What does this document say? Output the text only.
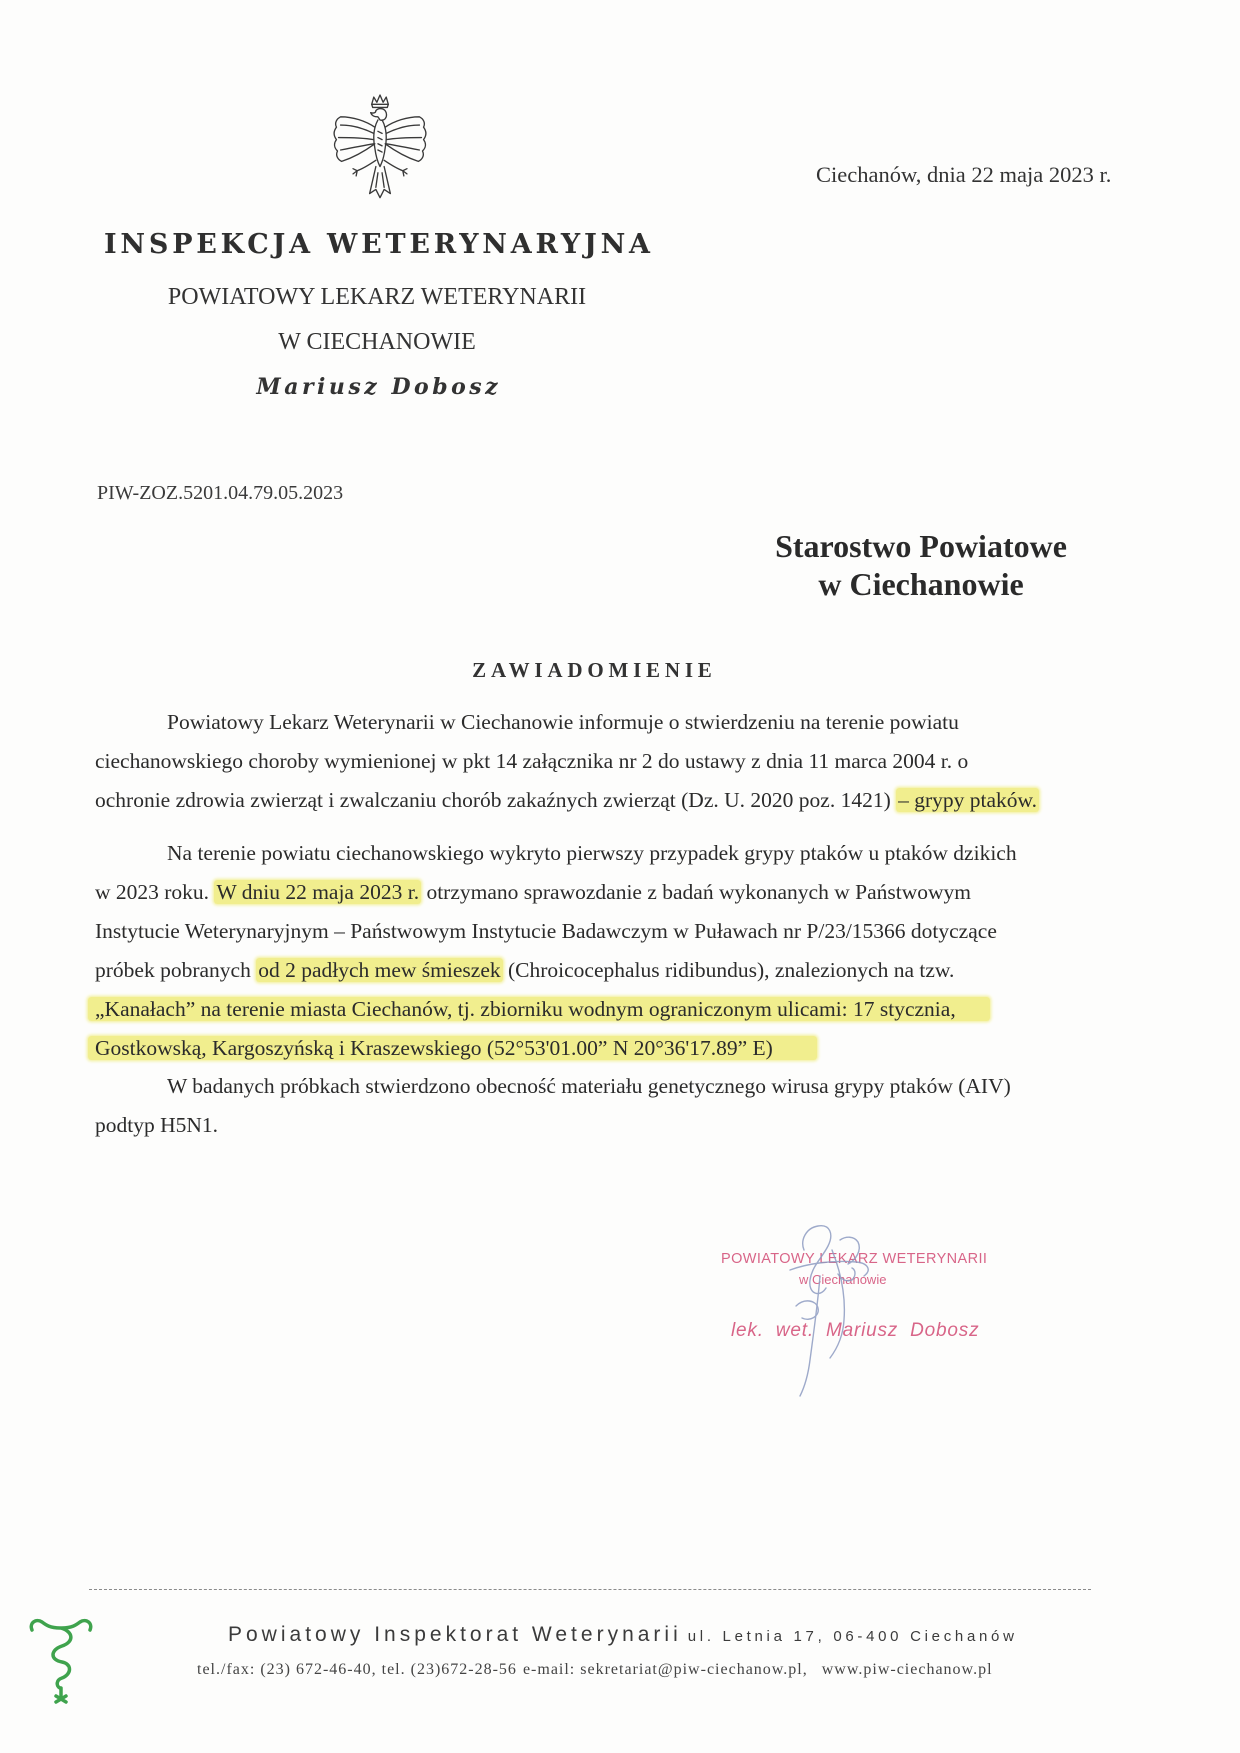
INSPEKCJA WETERYNARYJNA
POWIATOWY LEKARZ WETERYNARII
W CIECHANOWIE
Mariusz Dobosz
Ciechanów, dnia 22 maja 2023 r.
PIW-ZOZ.5201.04.79.05.2023
Starostwo Powiatowe
w Ciechanowie
ZAWIADOMIENIE
Powiatowy Lekarz Weterynarii w Ciechanowie informuje o stwierdzeniu na terenie powiatu
ciechanowskiego choroby wymienionej w pkt 14 załącznika nr 2 do ustawy z dnia 11 marca 2004 r. o
ochronie zdrowia zwierząt i zwalczaniu chorób zakaźnych zwierząt (Dz. U. 2020 poz. 1421) – grypy ptaków.
Na terenie powiatu ciechanowskiego wykryto pierwszy przypadek grypy ptaków u ptaków dzikich
w 2023 roku. W dniu 22 maja 2023 r. otrzymano sprawozdanie z badań wykonanych w Państwowym
Instytucie Weterynaryjnym – Państwowym Instytucie Badawczym w Puławach nr P/23/15366 dotyczące
próbek pobranych od 2 padłych mew śmieszek (Chroicocephalus ridibundus), znalezionych na tzw.
„Kanałach” na terenie miasta Ciechanów, tj. zbiorniku wodnym ograniczonym ulicami: 17 stycznia,
Gostkowską, Kargoszyńską i Kraszewskiego (52°53'01.00” N 20°36'17.89” E)
W badanych próbkach stwierdzono obecność materiału genetycznego wirusa grypy ptaków (AIV)
podtyp H5N1.
POWIATOWY LEKARZ WETERYNARII
w Ciechanowie
lek. wet. Mariusz Dobosz
Powiatowy Inspektorat Weterynarii ul. Letnia 17, 06-400 Ciechanów
tel./fax: (23) 672-46-40, tel. (23)672-28-56 e-mail: sekretariat@piw-ciechanow.pl, www.piw-ciechanow.pl
